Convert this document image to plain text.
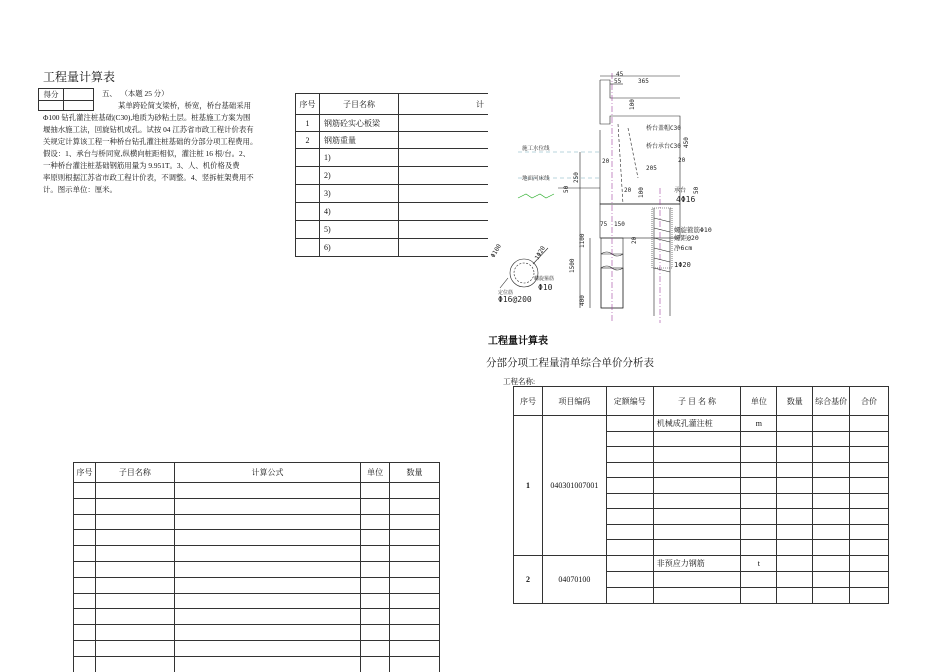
工程量计算表
得分	
		五、 （本题 25 分）
某单跨砼简支梁桥，桥宽，桥台基础采用
Φ100 钻孔灌注桩基础(C30),地质为砂粘土层。桩基施工方案为围
堰抽水施工法，回旋钻机成孔。试按 04 江苏省市政工程计价表有
关规定计算该工程一种桥台钻孔灌注桩基础的分部分项工程费用。
假设：1、承台与桥同宽,纵横向桩距相似，灌注桩 16 根/台。2、
一种桥台灌注桩基础钢筋用量为 9.951T。3、人、机价格及费
率原则根据江苏省市政工程计价表，不调整。4、竖拆桩架费用不
计。图示单位：厘米。
序号	子目名称	计
1	钢筋砼实心板梁	
2	钢筋重量	
	1)	
	2)	
	3)	
	4)	
	5)	
	6)	
45
55	365
100
桥台盖帽C30
桥台承台C30
施工水位线
20
205
20
450
250
50	100
20
地面河床线
承台
4Φ16
50
75 150
Φ100	1Φ20
螺旋箍筋
Φ10
定位筋
Φ16@200
螺旋箍筋Φ10
螺距@20
净6cm
1Φ20
1100
1500
400
20
工程量计算表
分部分项工程量清单综合单价分析表
工程名称:
序号	项目编码	定额编号	子 目 名 称	单位	数量	综合基价	合价
1	040301007001		机械成孔灌注桩	m			

2	04070100		非预应力钢筋	t			

序号	子目名称	计算公式	单位	数量
